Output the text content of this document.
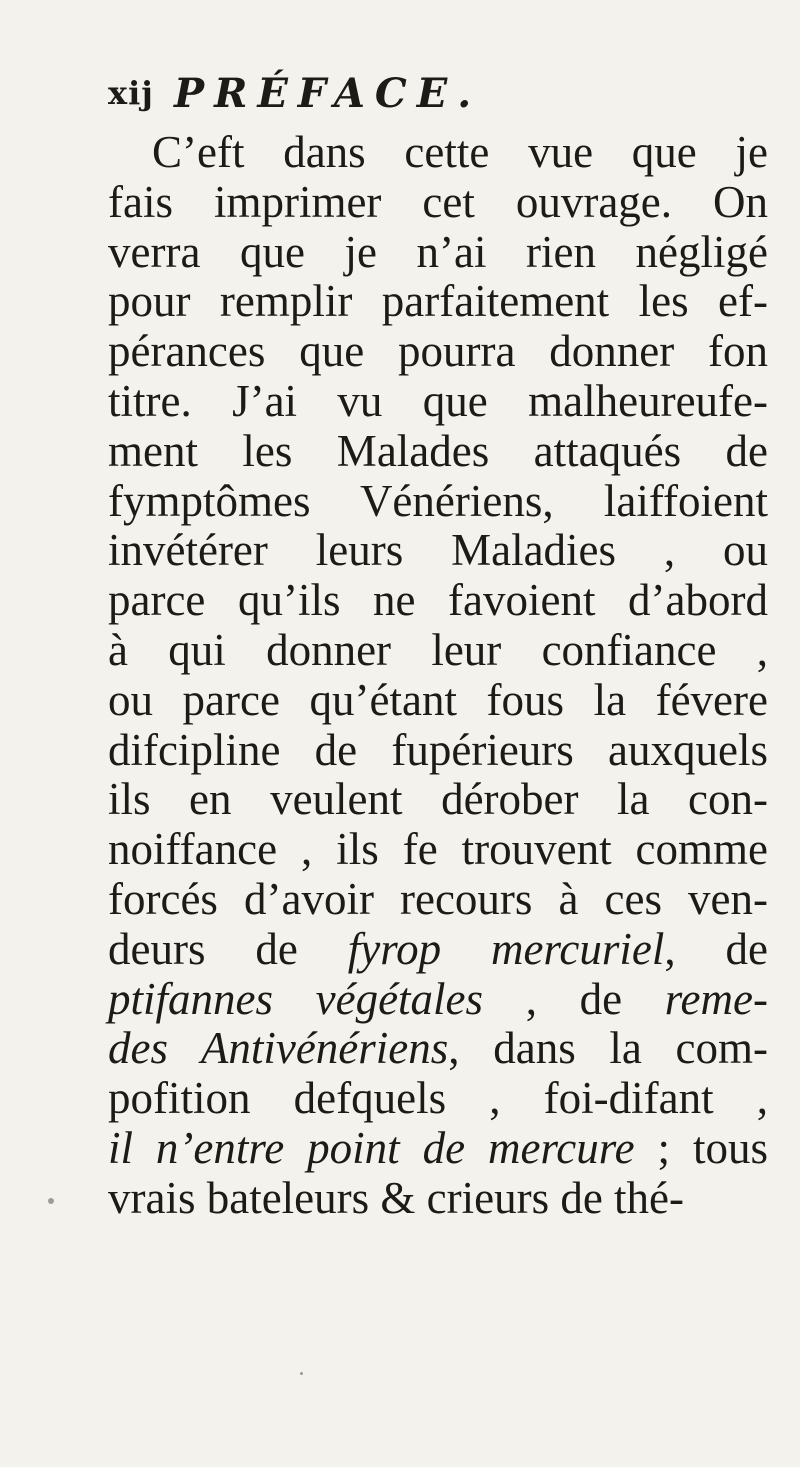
xij PRÉFACE.
C’eft dans cette vue que je
fais imprimer cet ouvrage. On
verra que je n’ai rien négligé
pour remplir parfaitement les ef-
pérances que pourra donner fon
titre. J’ai vu que malheureufe-
ment les Malades attaqués de
fymptômes Vénériens, laiffoient
invétérer leurs Maladies , ou
parce qu’ils ne favoient d’abord
à qui donner leur confiance ,
ou parce qu’étant fous la févere
difcipline de fupérieurs auxquels
ils en veulent dérober la con-
noiffance , ils fe trouvent comme
forcés d’avoir recours à ces ven-
deurs de fyrop mercuriel, de
ptifannes végétales , de reme-
des Antivénériens, dans la com-
pofition defquels , foi-difant ,
il n’entre point de mercure ; tous
vrais bateleurs & crieurs de thé-
